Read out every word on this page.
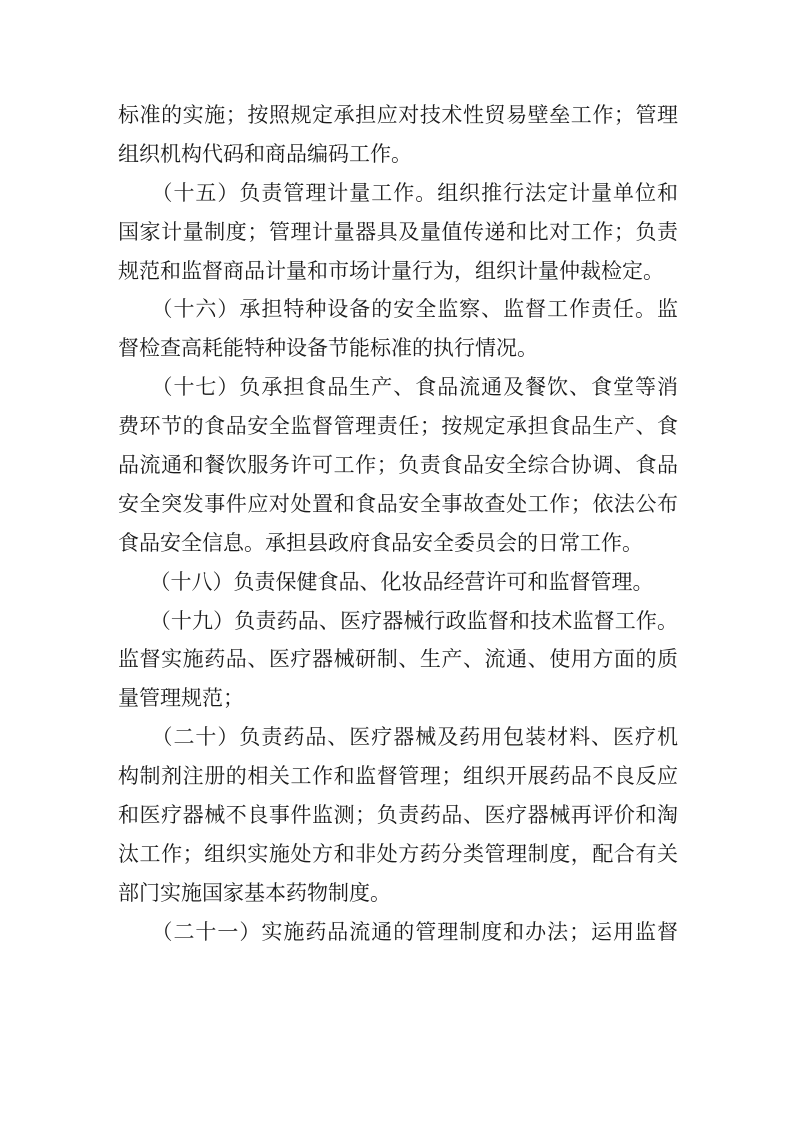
标准的实施；按照规定承担应对技术性贸易壁垒工作；管理
组织机构代码和商品编码工作。
　　（十五）负责管理计量工作。组织推行法定计量单位和
国家计量制度；管理计量器具及量值传递和比对工作；负责
规范和监督商品计量和市场计量行为，组织计量仲裁检定。
　　（十六）承担特种设备的安全监察、监督工作责任。监
督检查高耗能特种设备节能标准的执行情况。
　　（十七）负承担食品生产、食品流通及餐饮、食堂等消
费环节的食品安全监督管理责任；按规定承担食品生产、食
品流通和餐饮服务许可工作；负责食品安全综合协调、食品
安全突发事件应对处置和食品安全事故查处工作；依法公布
食品安全信息。承担县政府食品安全委员会的日常工作。
　　（十八）负责保健食品、化妆品经营许可和监督管理。
　　（十九）负责药品、医疗器械行政监督和技术监督工作。
监督实施药品、医疗器械研制、生产、流通、使用方面的质
量管理规范；
　　（二十）负责药品、医疗器械及药用包装材料、医疗机
构制剂注册的相关工作和监督管理；组织开展药品不良反应
和医疗器械不良事件监测；负责药品、医疗器械再评价和淘
汰工作；组织实施处方和非处方药分类管理制度，配合有关
部门实施国家基本药物制度。
　　（二十一）实施药品流通的管理制度和办法；运用监督
